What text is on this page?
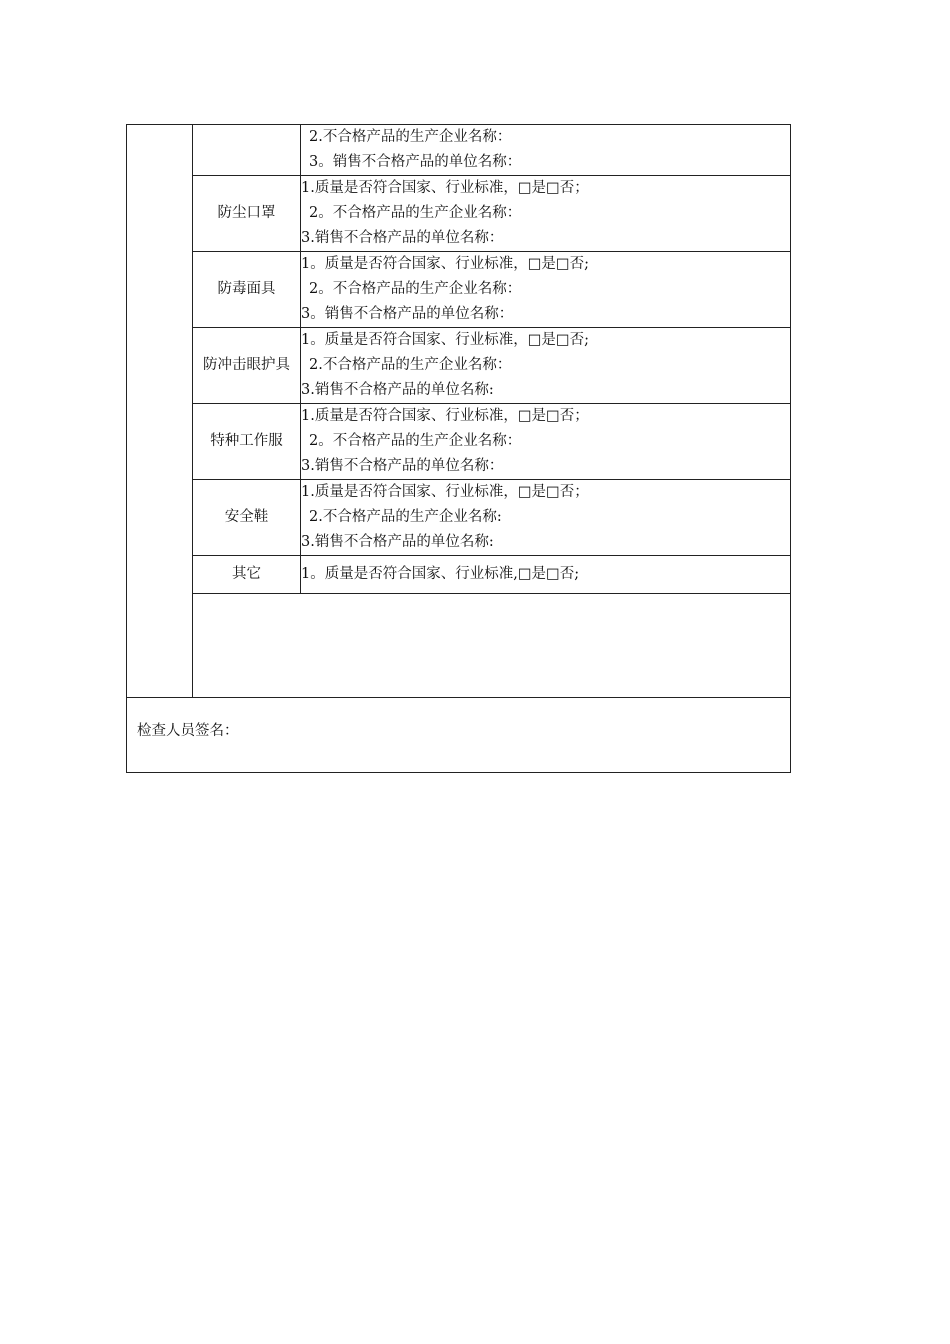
		2.不合格产品的生产企业名称：
3。销售不合格产品的单位名称：

	防尘口罩	1.质量是否符合国家、行业标准，□是□否；
2。不合格产品的生产企业名称：
3.销售不合格产品的单位名称：

	防毒面具	1。质量是否符合国家、行业标准，□是□否;
2。不合格产品的生产企业名称：
3。销售不合格产品的单位名称：

	防冲击眼护具	1。质量是否符合国家、行业标准，□是□否;
2.不合格产品的生产企业名称：
3.销售不合格产品的单位名称:

	特种工作服	1.质量是否符合国家、行业标准，□是□否；
2。不合格产品的生产企业名称：
3.销售不合格产品的单位名称：

	安全鞋	1.质量是否符合国家、行业标准，□是□否；
2.不合格产品的生产企业名称:
3.销售不合格产品的单位名称:

	其它	1。质量是否符合国家、行业标准,□是□否;

检查人员签名：		
